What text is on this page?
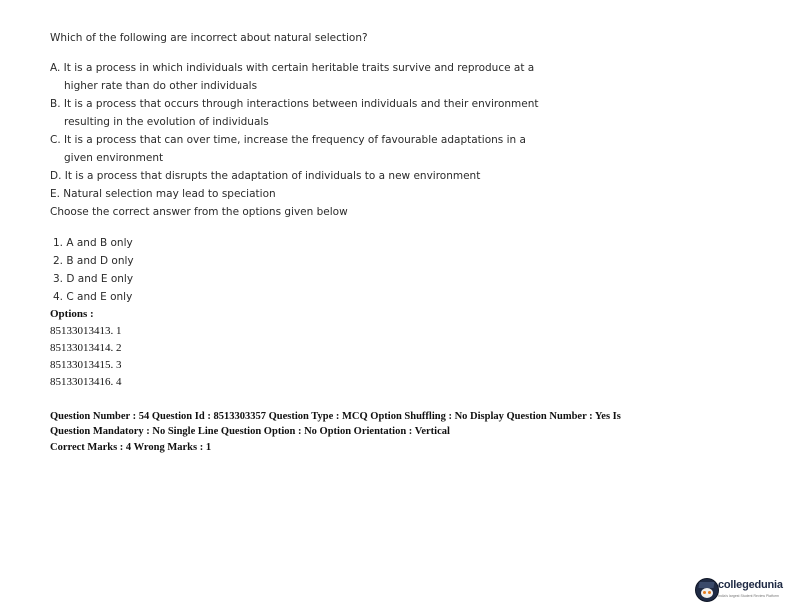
Which of the following are incorrect about natural selection?
A. It is a process in which individuals with certain heritable traits survive and reproduce at a
higher rate than do other individuals
B. It is a process that occurs through interactions between individuals and their environment
resulting in the evolution of individuals
C. It is a process that can over time, increase the frequency of favourable adaptations in a
given environment
D. It is a process that disrupts the adaptation of individuals to a new environment
E. Natural selection may lead to speciation
Choose the correct answer from the options given below
1. A and B only
2. B and D only
3. D and E only
4. C and E only
Options :
85133013413. 1
85133013414. 2
85133013415. 3
85133013416. 4
Question Number : 54 Question Id : 8513303357 Question Type : MCQ Option Shuffling : No Display Question Number : Yes Is
Question Mandatory : No Single Line Question Option : No Option Orientation : Vertical
Correct Marks : 4 Wrong Marks : 1
collegedunia
India's largest Student Review Platform
